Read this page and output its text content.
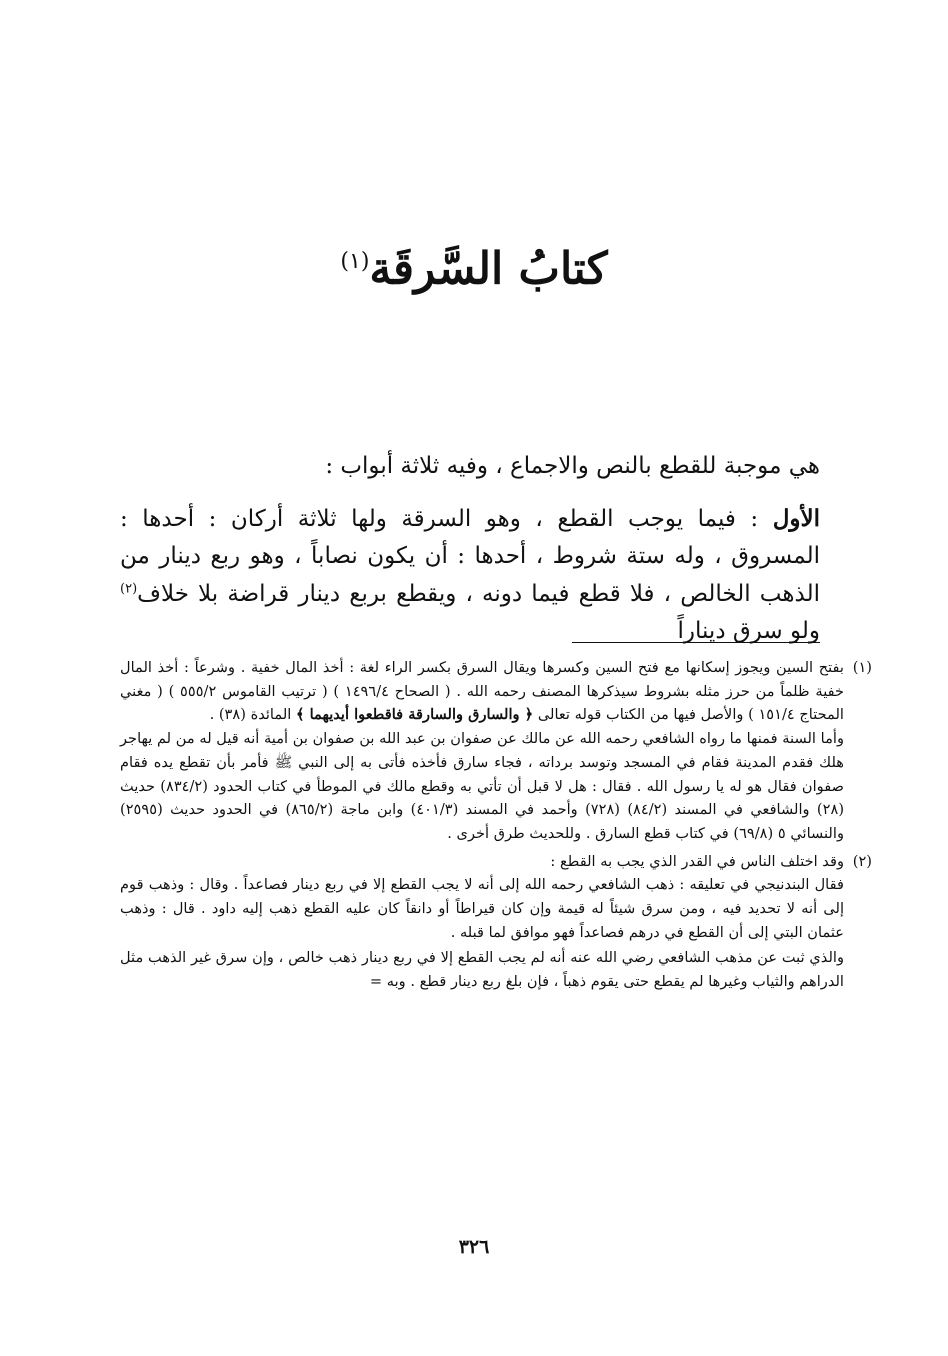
كتابُ السَّرقَة$^{(١)}$

هي موجبة للقطع بالنص والاجماع ، وفيه ثلاثة أبواب :

الأول : فيما يوجب القطع ، وهو السرقة ولها ثلاثة أركان : أحدها : المسروق ، وله ستة شروط ، أحدها : أن يكون نصاباً ، وهو ربع دينار من الذهب الخالص ، فلا قطع فيما دونه ، ويقطع بربع دينار قراضة بلا خلاف$^{(٢)}$ ولو سرق ديناراً

(١)

بفتح السين ويجوز إسكانها مع فتح السين وكسرها ويقال السرق بكسر الراء لغة : أخذ المال خفية . وشرعاً : أخذ المال خفية ظلماً من حرز مثله بشروط سيذكرها المصنف رحمه الله . ( الصحاح ١٤٩٦/٤ ) ( ترتيب القاموس ٥٥٥/٢ ) ( مغني المحتاج ١٥١/٤ ) والأصل فيها من الكتاب قوله تعالى ﴿ والسارق والسارقة فاقطعوا أيديهما ﴾ المائدة (٣٨) .

وأما السنة فمنها ما رواه الشافعي رحمه الله عن مالك عن صفوان بن عبد الله بن صفوان بن أمية أنه قيل له من لم يهاجر هلك فقدم المدينة فقام في المسجد وتوسد برداته ، فجاء سارق فأخذه فأتى به إلى النبي ﷺ فأمر بأن تقطع يده فقام صفوان فقال هو له يا رسول الله . فقال : هل لا قبل أن تأتي به وقطع مالك في الموطأ في كتاب الحدود (٨٣٤/٢) حديث (٢٨) والشافعي في المسند (٨٤/٢) (٧٢٨) وأحمد في المسند (٤٠١/٣) وابن ماجة (٨٦٥/٢) في الحدود حديث (٢٥٩٥) والنسائي ٥ (٦٩/٨) في كتاب قطع السارق . وللحديث طرق أخرى .

(٢)

وقد اختلف الناس في القدر الذي يجب به القطع :

فقال البندنيجي في تعليقه : ذهب الشافعي رحمه الله إلى أنه لا يجب القطع إلا في ربع دينار فصاعداً . وقال : وذهب قوم إلى أنه لا تحديد فيه ، ومن سرق شيئاً له قيمة وإن كان قيراطاً أو دانقاً كان عليه القطع ذهب إليه داود . قال : وذهب عثمان البتي إلى أن القطع في درهم فصاعداً فهو موافق لما قبله .

والذي ثبت عن مذهب الشافعي رضي الله عنه أنه لم يجب القطع إلا في ربع دينار ذهب خالص ، وإن سرق غير الذهب مثل الدراهم والثياب وغيرها لم يقطع حتى يقوم ذهباً ، فإن بلغ ربع دينار قطع . وبه =

٣٢٦
